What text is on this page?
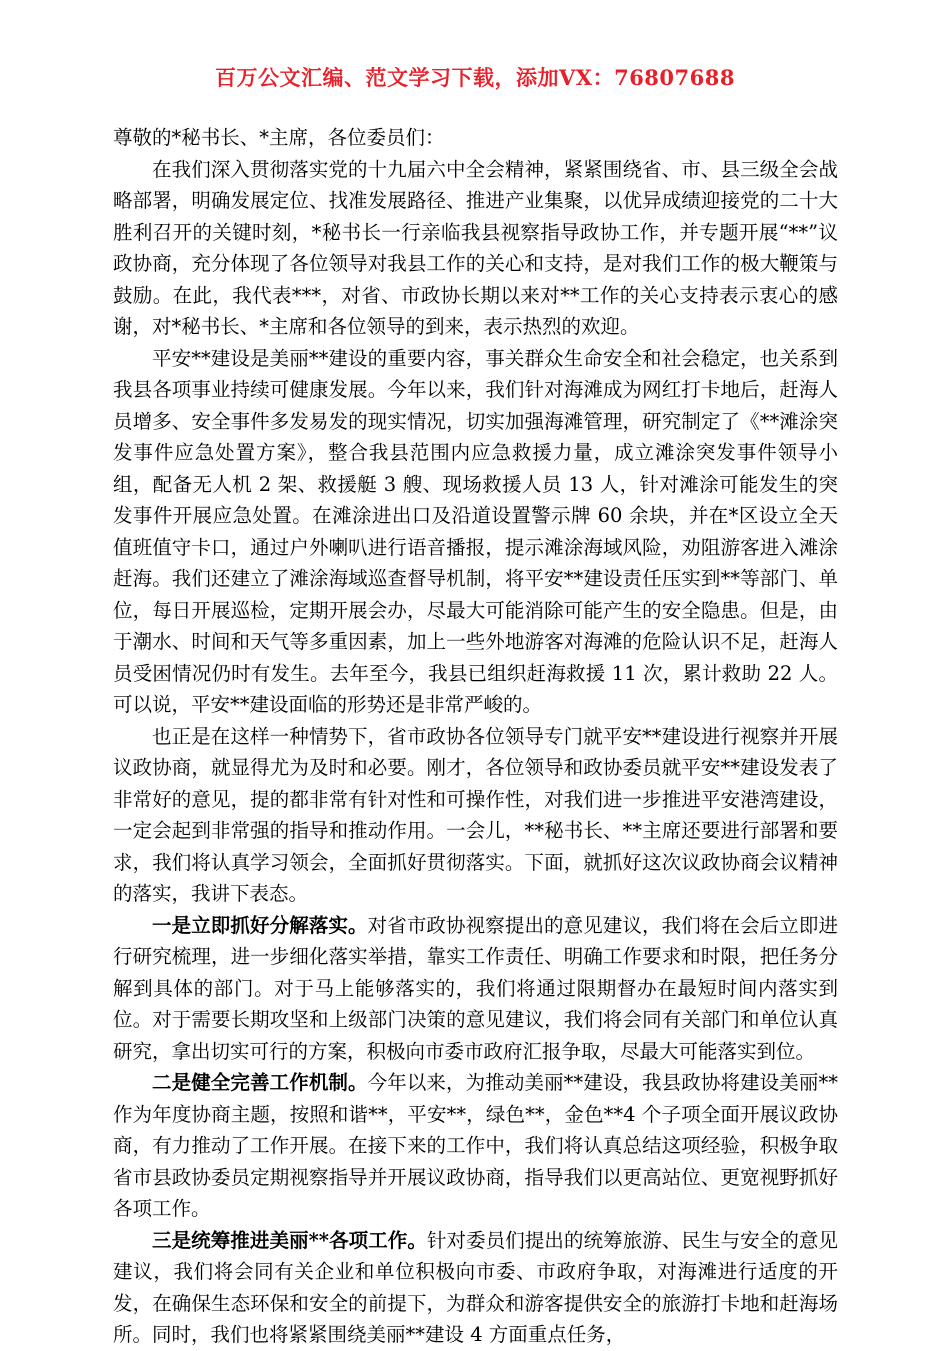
百万公文汇编、范文学习下载，添加VX：76807688

尊敬的*秘书长、*主席，各位委员们：

在我们深入贯彻落实党的十九届六中全会精神，紧紧围绕省、市、县三级全会战略部署，明确发展定位、找准发展路径、推进产业集聚，以优异成绩迎接党的二十大胜利召开的关键时刻，*秘书长一行亲临我县视察指导政协工作，并专题开展“**”议政协商，充分体现了各位领导对我县工作的关心和支持，是对我们工作的极大鞭策与鼓励。在此，我代表***，对省、市政协长期以来对**工作的关心支持表示衷心的感谢，对*秘书长、*主席和各位领导的到来，表示热烈的欢迎。

平安**建设是美丽**建设的重要内容，事关群众生命安全和社会稳定，也关系到我县各项事业持续可健康发展。今年以来，我们针对海滩成为网红打卡地后，赶海人员增多、安全事件多发易发的现实情况，切实加强海滩管理，研究制定了《**滩涂突发事件应急处置方案》，整合我县范围内应急救援力量，成立滩涂突发事件领导小组，配备无人机 2 架、救援艇 3 艘、现场救援人员 13 人，针对滩涂可能发生的突发事件开展应急处置。在滩涂进出口及沿道设置警示牌 60 余块，并在*区设立全天值班值守卡口，通过户外喇叭进行语音播报，提示滩涂海域风险，劝阻游客进入滩涂赶海。我们还建立了滩涂海域巡查督导机制，将平安**建设责任压实到**等部门、单位，每日开展巡检，定期开展会办，尽最大可能消除可能产生的安全隐患。但是，由于潮水、时间和天气等多重因素，加上一些外地游客对海滩的危险认识不足，赶海人员受困情况仍时有发生。去年至今，我县已组织赶海救援 11 次，累计救助 22 人。可以说，平安**建设面临的形势还是非常严峻的。

也正是在这样一种情势下，省市政协各位领导专门就平安**建设进行视察并开展议政协商，就显得尤为及时和必要。刚才，各位领导和政协委员就平安**建设发表了非常好的意见，提的都非常有针对性和可操作性，对我们进一步推进平安港湾建设，一定会起到非常强的指导和推动作用。一会儿，**秘书长、**主席还要进行部署和要求，我们将认真学习领会，全面抓好贯彻落实。下面，就抓好这次议政协商会议精神的落实，我讲下表态。

一是立即抓好分解落实。对省市政协视察提出的意见建议，我们将在会后立即进行研究梳理，进一步细化落实举措，靠实工作责任、明确工作要求和时限，把任务分解到具体的部门。对于马上能够落实的，我们将通过限期督办在最短时间内落实到位。对于需要长期攻坚和上级部门决策的意见建议，我们将会同有关部门和单位认真研究，拿出切实可行的方案，积极向市委市政府汇报争取，尽最大可能落实到位。

二是健全完善工作机制。今年以来，为推动美丽**建设，我县政协将建设美丽**作为年度协商主题，按照和谐**，平安**，绿色**，金色**4 个子项全面开展议政协商，有力推动了工作开展。在接下来的工作中，我们将认真总结这项经验，积极争取省市县政协委员定期视察指导并开展议政协商，指导我们以更高站位、更宽视野抓好各项工作。

三是统筹推进美丽**各项工作。针对委员们提出的统筹旅游、民生与安全的意见建议，我们将会同有关企业和单位积极向市委、市政府争取，对海滩进行适度的开发，在确保生态环保和安全的前提下，为群众和游客提供安全的旅游打卡地和赶海场所。同时，我们也将紧紧围绕美丽**建设 4 方面重点任务，
